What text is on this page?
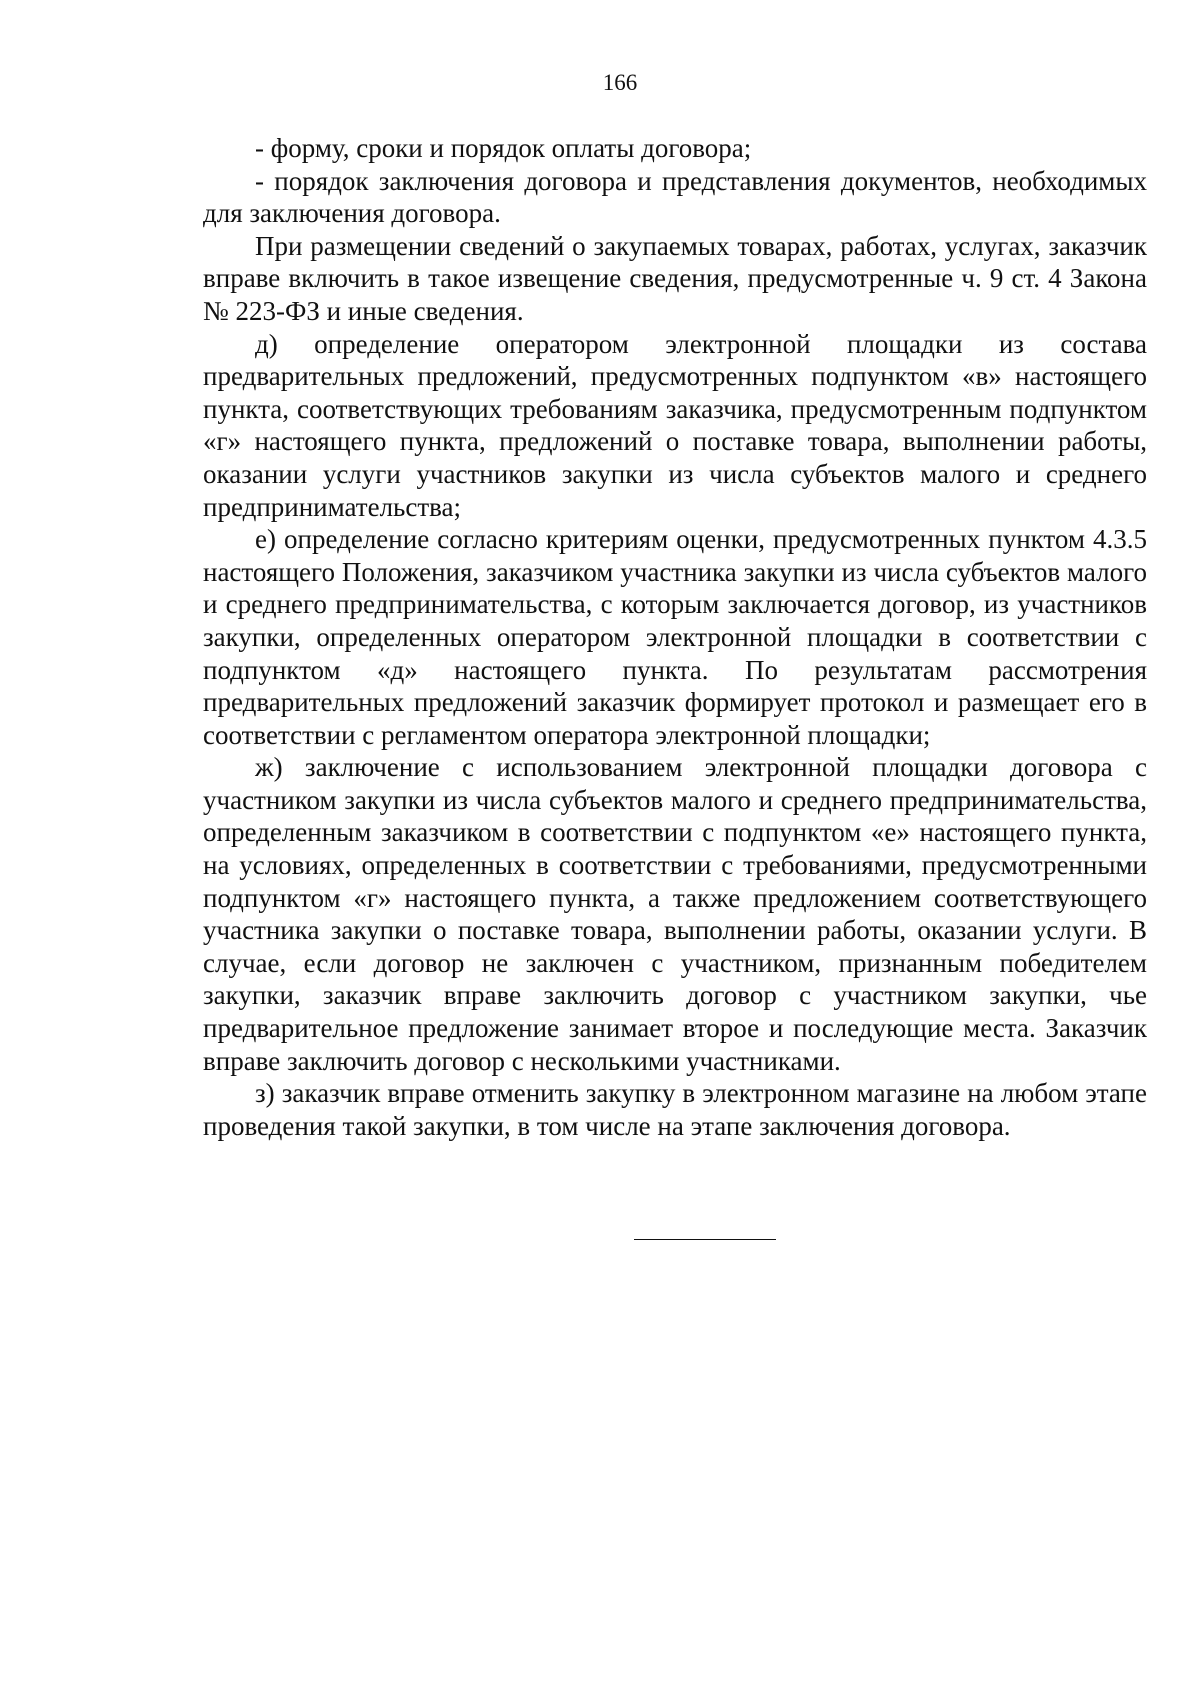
166

- форму, сроки и порядок оплаты договора;

- порядок заключения договора и представления документов, необходимых для заключения договора.

При размещении сведений о закупаемых товарах, работах, услугах, заказчик вправе включить в такое извещение сведения, предусмотренные ч. 9 ст. 4 Закона № 223-ФЗ и иные сведения.

д) определение оператором электронной площадки из состава предварительных предложений, предусмотренных подпунктом «в» настоящего пункта, соответствующих требованиям заказчика, предусмотренным подпунктом «г» настоящего пункта, предложений о поставке товара, выполнении работы, оказании услуги участников закупки из числа субъектов малого и среднего предпринимательства;

е) определение согласно критериям оценки, предусмотренных пунктом 4.3.5 настоящего Положения, заказчиком участника закупки из числа субъектов малого и среднего предпринимательства, с которым заключается договор, из участников закупки, определенных оператором электронной площадки в соответствии с подпунктом «д» настоящего пункта. По результатам рассмотрения предварительных предложений заказчик формирует протокол и размещает его в соответствии с регламентом оператора электронной площадки;

ж) заключение с использованием электронной площадки договора с участником закупки из числа субъектов малого и среднего предпринимательства, определенным заказчиком в соответствии с подпунктом «е» настоящего пункта, на условиях, определенных в соответствии с требованиями, предусмотренными подпунктом «г» настоящего пункта, а также предложением соответствующего участника закупки о поставке товара, выполнении работы, оказании услуги. В случае, если договор не заключен с участником, признанным победителем закупки, заказчик вправе заключить договор с участником закупки, чье предварительное предложение занимает второе и последующие места. Заказчик вправе заключить договор с несколькими участниками.

з) заказчик вправе отменить закупку в электронном магазине на любом этапе проведения такой закупки, в том числе на этапе заключения договора.
